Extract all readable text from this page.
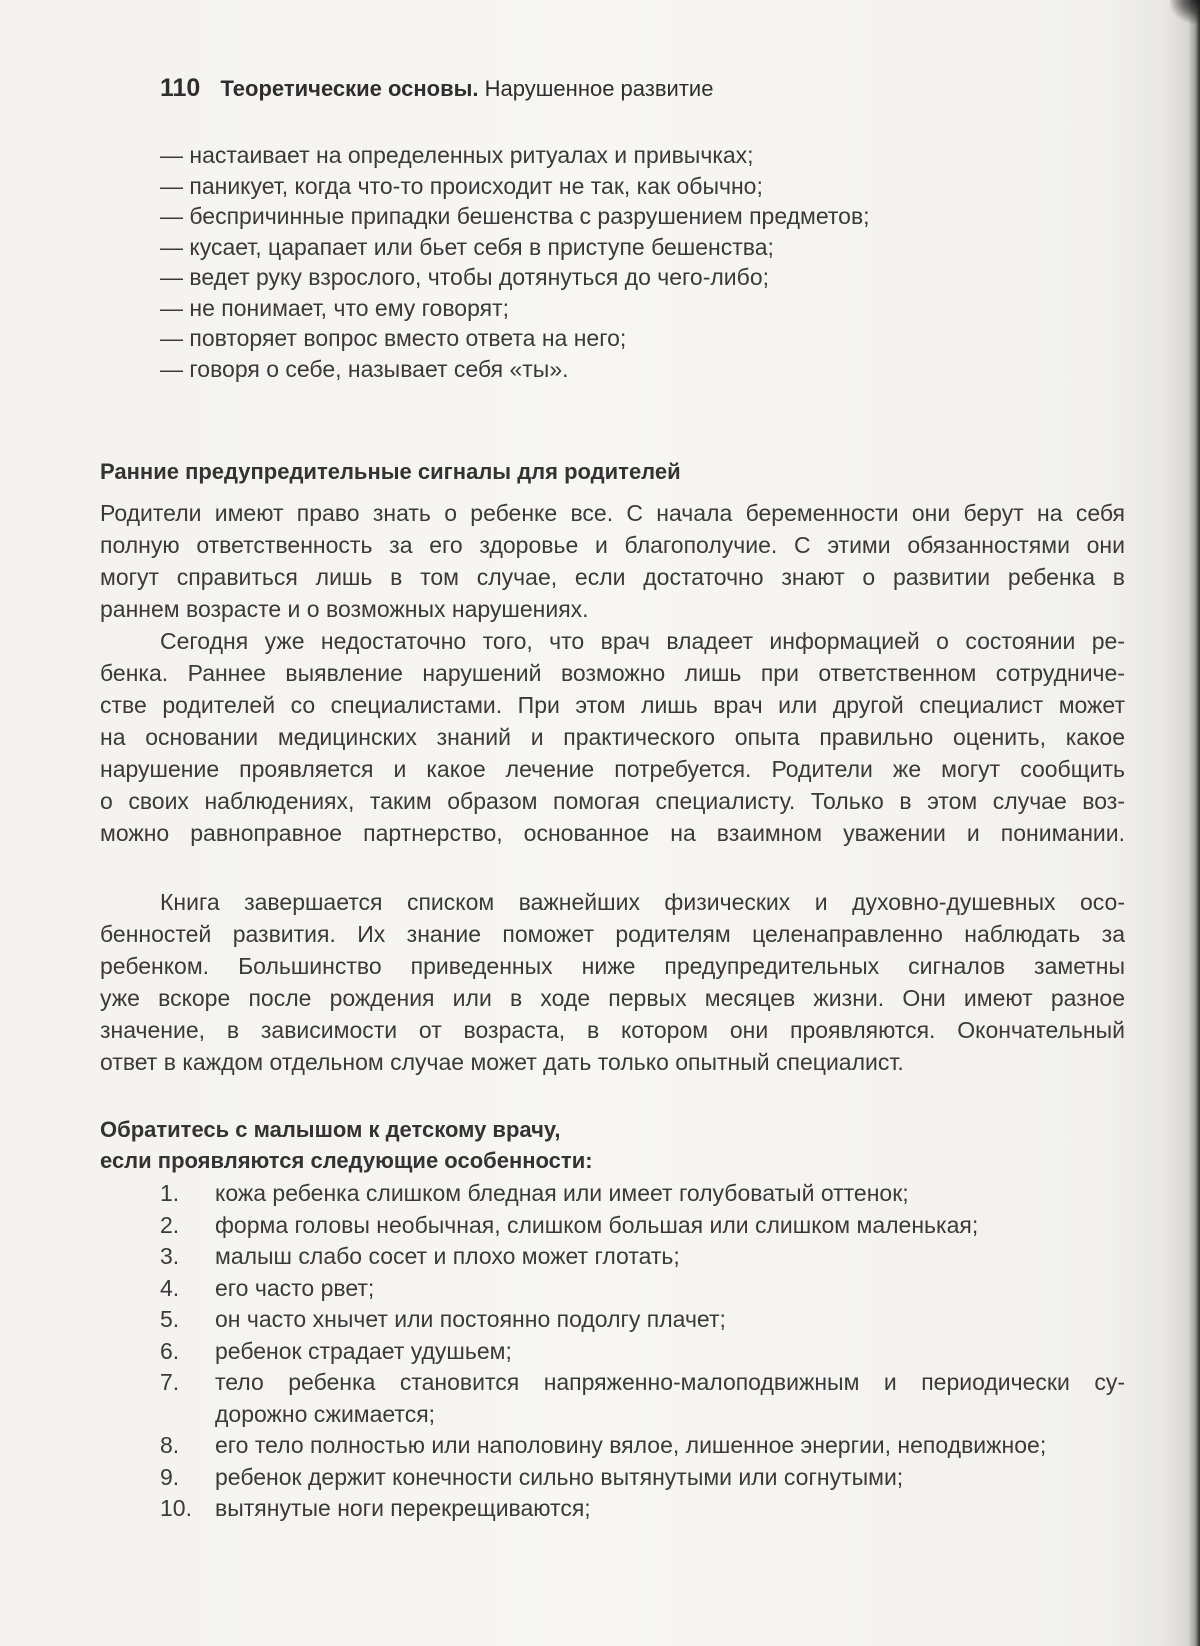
110 Теоретические основы. Нарушенное развитие
— настаивает на определенных ритуалах и привычках;
— паникует, когда что-то происходит не так, как обычно;
— беспричинные припадки бешенства с разрушением предметов;
— кусает, царапает или бьет себя в приступе бешенства;
— ведет руку взрослого, чтобы дотянуться до чего-либо;
— не понимает, что ему говорят;
— повторяет вопрос вместо ответа на него;
— говоря о себе, называет себя «ты».
Ранние предупредительные сигналы для родителей
Родители имеют право знать о ребенке все. С начала беременности они берут на себя
полную ответственность за его здоровье и благополучие. С этими обязанностями они
могут справиться лишь в том случае, если достаточно знают о развитии ребенка в
раннем возрасте и о возможных нарушениях.
Сегодня уже недостаточно того, что врач владеет информацией о состоянии ре-
бенка. Раннее выявление нарушений возможно лишь при ответственном сотрудниче-
стве родителей со специалистами. При этом лишь врач или другой специалист может
на основании медицинских знаний и практического опыта правильно оценить, какое
нарушение проявляется и какое лечение потребуется. Родители же могут сообщить
о своих наблюдениях, таким образом помогая специалисту. Только в этом случае воз-
можно равноправное партнерство, основанное на взаимном уважении и понимании.
Книга завершается списком важнейших физических и духовно-душевных осо-
бенностей развития. Их знание поможет родителям целенаправленно наблюдать за
ребенком. Большинство приведенных ниже предупредительных сигналов заметны
уже вскоре после рождения или в ходе первых месяцев жизни. Они имеют разное
значение, в зависимости от возраста, в котором они проявляются. Окончательный
ответ в каждом отдельном случае может дать только опытный специалист.
Обратитесь с малышом к детскому врачу,
если проявляются следующие особенности:
1. кожа ребенка слишком бледная или имеет голубоватый оттенок;
2. форма головы необычная, слишком большая или слишком маленькая;
3. малыш слабо сосет и плохо может глотать;
4. его часто рвет;
5. он часто хнычет или постоянно подолгу плачет;
6. ребенок страдает удушьем;
7. тело ребенка становится напряженно-малоподвижным и периодически су-
дорожно сжимается;
8. его тело полностью или наполовину вялое, лишенное энергии, неподвижное;
9. ребенок держит конечности сильно вытянутыми или согнутыми;
10. вытянутые ноги перекрещиваются;
